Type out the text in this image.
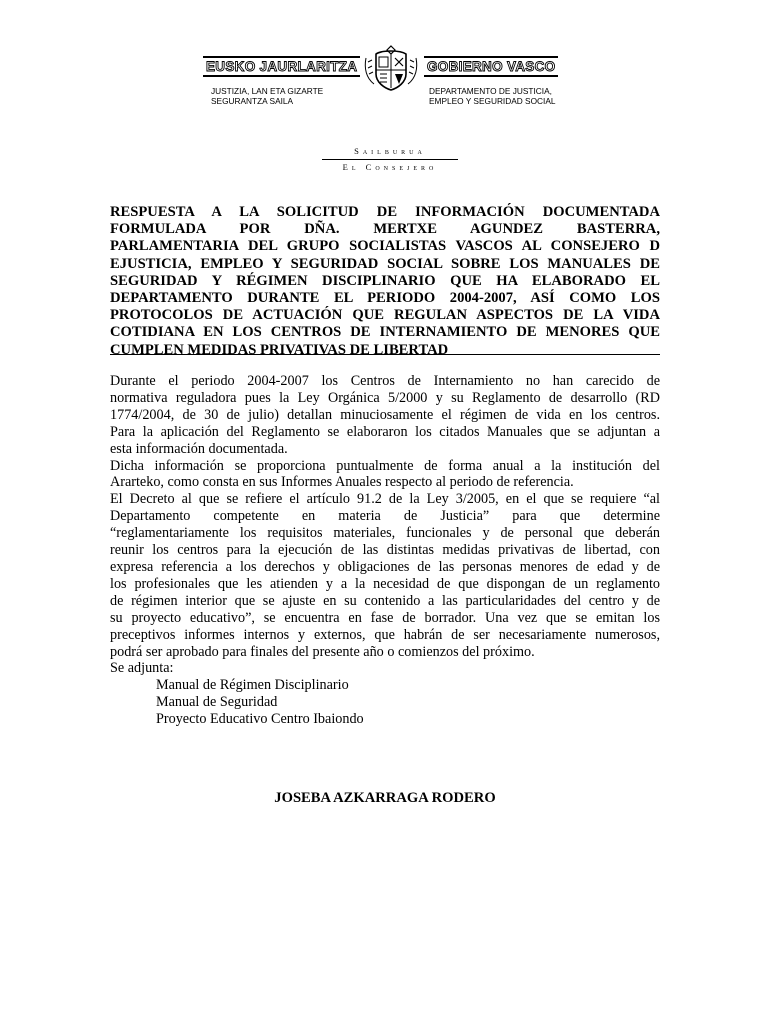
EUSKO JAURLARITZA	GOBIERNO VASCO
JUSTIZIA, LAN ETA GIZARTE
SEGURANTZA SAILA
DEPARTAMENTO DE JUSTICIA,
EMPLEO Y SEGURIDAD SOCIAL
Sailburua
El Consejero
RESPUESTA A LA SOLICITUD DE INFORMACIÓN DOCUMENTADA
FORMULADA POR DÑA. MERTXE AGUNDEZ BASTERRA,
PARLAMENTARIA DEL GRUPO SOCIALISTAS VASCOS AL CONSEJERO D
EJUSTICIA, EMPLEO Y SEGURIDAD SOCIAL SOBRE LOS MANUALES DE
SEGURIDAD Y RÉGIMEN DISCIPLINARIO QUE HA ELABORADO EL
DEPARTAMENTO DURANTE EL PERIODO 2004-2007, ASÍ COMO LOS
PROTOCOLOS DE ACTUACIÓN QUE REGULAN ASPECTOS DE LA VIDA
COTIDIANA EN LOS CENTROS DE INTERNAMIENTO DE MENORES QUE
CUMPLEN MEDIDAS PRIVATIVAS DE LIBERTAD
Durante el periodo 2004-2007 los Centros de Internamiento no han carecido de
normativa reguladora pues la Ley Orgánica 5/2000 y su Reglamento de desarrollo (RD
1774/2004, de 30 de julio) detallan minuciosamente el régimen de vida en los centros.
Para la aplicación del Reglamento se elaboraron los citados Manuales que se adjuntan a
esta información documentada.
Dicha información se proporciona puntualmente de forma anual a la institución del
Ararteko, como consta en sus Informes Anuales respecto al periodo de referencia.
El Decreto al que se refiere el artículo 91.2 de la Ley 3/2005, en el que se requiere “al
Departamento competente en materia de Justicia” para que determine
“reglamentariamente los requisitos materiales, funcionales y de personal que deberán
reunir los centros para la ejecución de las distintas medidas privativas de libertad, con
expresa referencia a los derechos y obligaciones de las personas menores de edad y de
los profesionales que les atienden y a la necesidad de que dispongan de un reglamento
de régimen interior que se ajuste en su contenido a las particularidades del centro y de
su proyecto educativo”, se encuentra en fase de borrador. Una vez que se emitan los
preceptivos informes internos y externos, que habrán de ser necesariamente numerosos,
podrá ser aprobado para finales del presente año o comienzos del próximo.
Se adjunta:
Manual de Régimen Disciplinario
Manual de Seguridad
Proyecto Educativo Centro Ibaiondo
JOSEBA AZKARRAGA RODERO
